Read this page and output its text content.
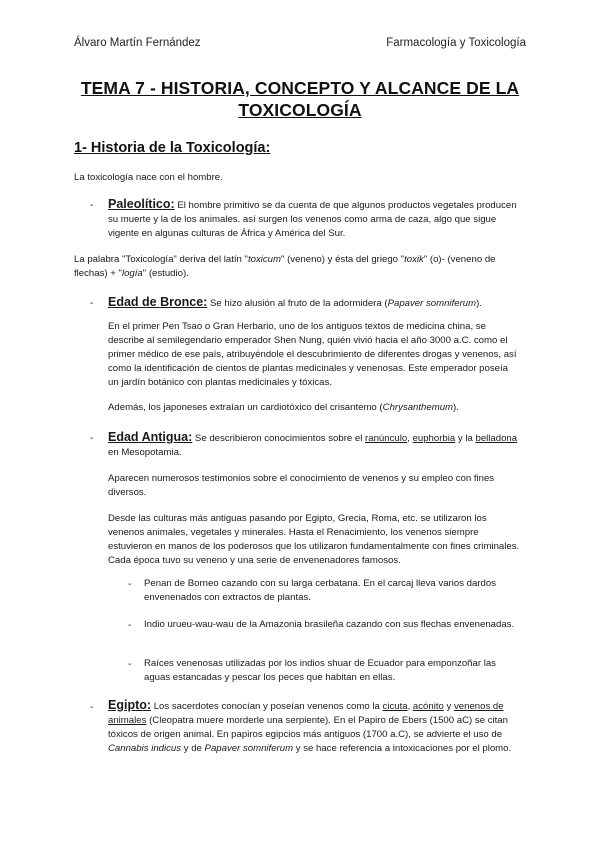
Álvaro Martín Fernández	Farmacología y Toxicología
TEMA 7 - HISTORIA, CONCEPTO Y ALCANCE DE LA
TOXICOLOGÍA
1- Historia de la Toxicología:
La toxicología nace con el hombre.
- Paleolítico: El hombre primitivo se da cuenta de que algunos productos vegetales producen su muerte y la de los animales. así surgen los venenos como arma de caza, algo que sigue vigente en algunas culturas de África y América del Sur.
La palabra "Toxicología" deriva del latín "toxicum" (veneno) y ésta del griego "toxik" (o)- (veneno de flechas) + "logía" (estudio).
- Edad de Bronce: Se hizo alusión al fruto de la adormidera (Papaver somniferum).
En el primer Pen Tsao o Gran Herbario, uno de los antiguos textos de medicina china, se describe al semilegendario emperador Shen Nung, quién vivió hacia el año 3000 a.C. como el primer médico de ese país, atribuyéndole el descubrimiento de diferentes drogas y venenos, así como la identificación de cientos de plantas medicinales y venenosas. Este emperador poseía un jardín botánico con plantas medicinales y tóxicas.
Además, los japoneses extraían un cardiotóxico del crisantemo (Chrysanthemum).
- Edad Antigua: Se describieron conocimientos sobre el ranúnculo, euphorbia y la belladona en Mesopotamia.
Aparecen numerosos testimonios sobre el conocimiento de venenos y su empleo con fines diversos.
Desde las culturas más antiguas pasando por Egipto, Grecia, Roma, etc. se utilizaron los venenos animales, vegetales y minerales. Hasta el Renacimiento, los venenos siempre estuvieron en manos de los poderosos que los utilizaron fundamentalmente con fines criminales. Cada época tuvo su veneno y una serie de envenenadores famosos.
- Penan de Borneo cazando con su larga cerbatana. En el carcaj lleva varios dardos envenenados con extractos de plantas.
- Indio urueu-wau-wau de la Amazonia brasileña cazando con sus flechas envenenadas.
- Raíces venenosas utilizadas por los indios shuar de Ecuador para emponzoñar las aguas estancadas y pescar los peces que habitan en ellas.
- Egipto: Los sacerdotes conocían y poseían venenos como la cicuta, acónito y venenos de animales (Cleopatra muere morderle una serpiente). En el Papiro de Ebers (1500 aC) se citan tóxicos de origen animal. En papiros egipcios más antiguos (1700 a.C), se advierte el uso de Cannabis indicus y de Papaver somniferum y se hace referencia a intoxicaciones por el plomo.
